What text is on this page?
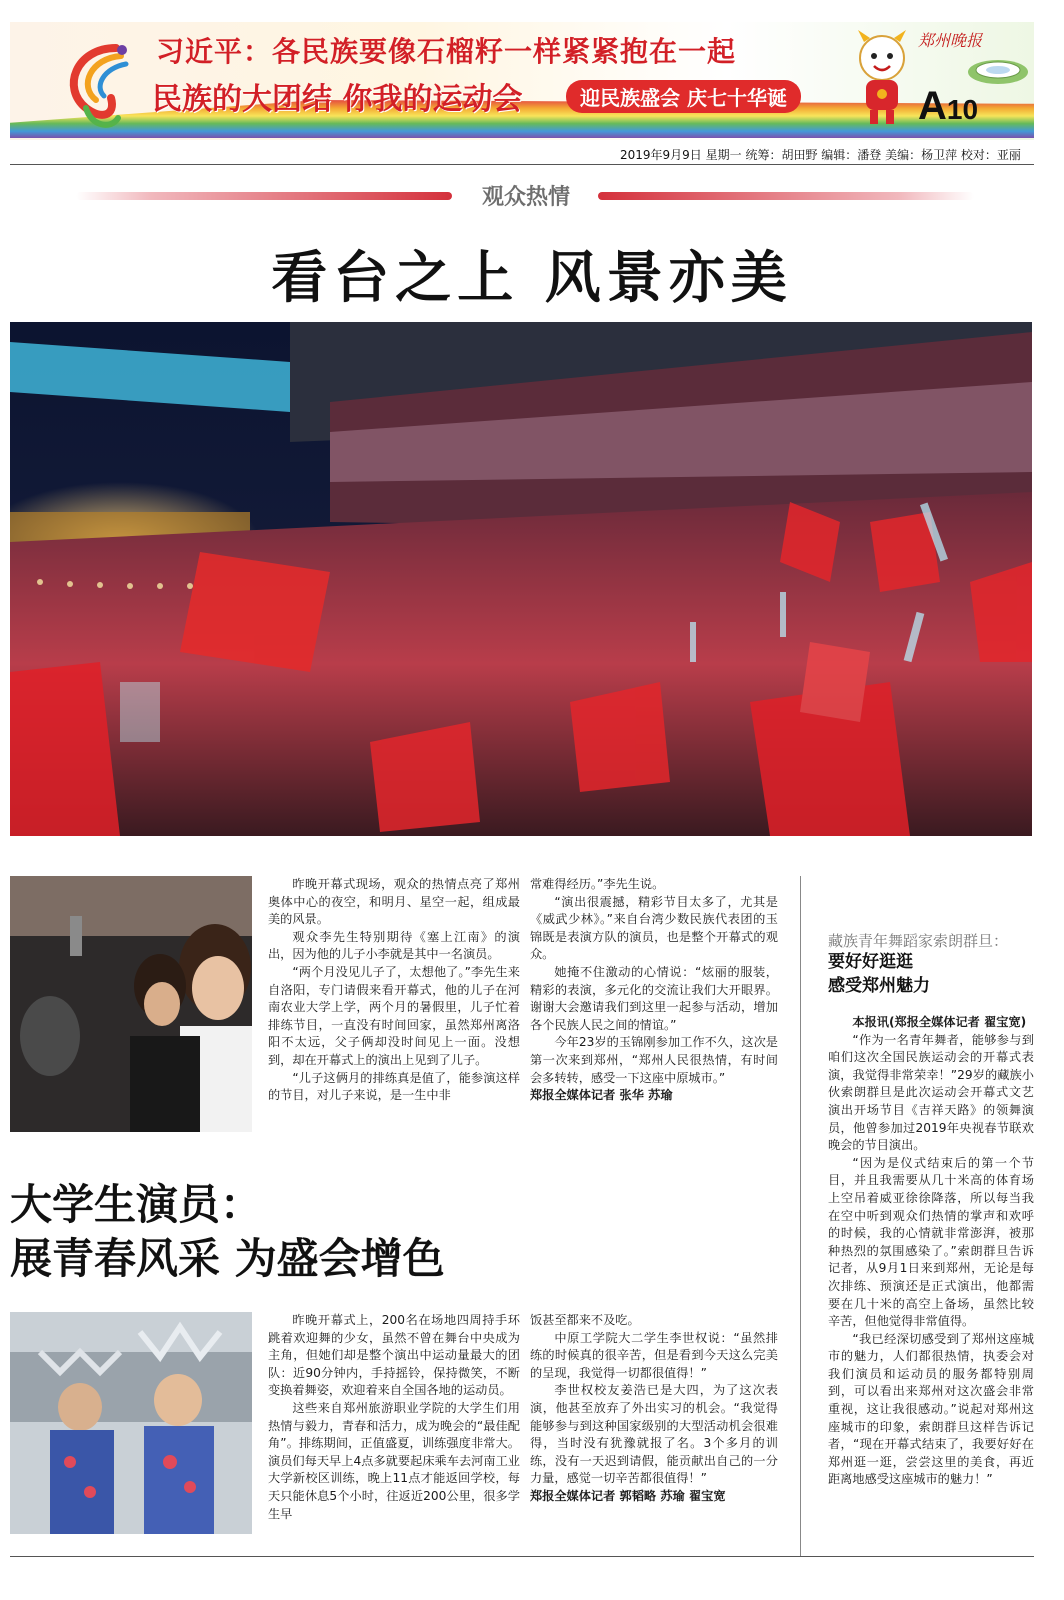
习近平：各民族要像石榴籽一样紧紧抱在一起
民族的大团结 你我的运动会	迎民族盛会 庆七十华诞
郑州晚报
A10
2019年9月9日 星期一 统筹：胡田野 编辑：潘登 美编：杨卫萍 校对：亚丽
观众热情
看台之上 风景亦美

昨晚开幕式现场，观众的热情点亮了郑州奥体中心的夜空，和明月、星空一起，组成最美的风景。

观众李先生特别期待《塞上江南》的演出，因为他的儿子小李就是其中一名演员。

“两个月没见儿子了，太想他了。”李先生来自洛阳，专门请假来看开幕式，他的儿子在河南农业大学上学，两个月的暑假里，儿子忙着排练节目，一直没有时间回家，虽然郑州离洛阳不太远，父子俩却没时间见上一面。没想到，却在开幕式上的演出上见到了儿子。

“儿子这俩月的排练真是值了，能参演这样的节目，对儿子来说，是一生中非

常难得经历。”李先生说。

“演出很震撼，精彩节目太多了，尤其是《威武少林》。”来自台湾少数民族代表团的玉锦既是表演方队的演员，也是整个开幕式的观众。

她掩不住激动的心情说：“炫丽的服装，精彩的表演，多元化的交流让我们大开眼界。谢谢大会邀请我们到这里一起参与活动，增加各个民族人民之间的情谊。”

今年23岁的玉锦刚参加工作不久，这次是第一次来到郑州，“郑州人民很热情，有时间会多转转，感受一下这座中原城市。”

郑报全媒体记者 张华 苏瑜

大学生演员：
展青春风采 为盛会增色

昨晚开幕式上，200名在场地四周持手环跳着欢迎舞的少女，虽然不曾在舞台中央成为主角，但她们却是整个演出中运动量最大的团队：近90分钟内，手持摇铃，保持微笑，不断变换着舞姿，欢迎着来自全国各地的运动员。

这些来自郑州旅游职业学院的大学生们用热情与毅力，青春和活力，成为晚会的“最佳配角”。排练期间，正值盛夏，训练强度非常大。演员们每天早上4点多就要起床乘车去河南工业大学新校区训练，晚上11点才能返回学校，每天只能休息5个小时，往返近200公里，很多学生早

饭甚至都来不及吃。

中原工学院大二学生李世权说：“虽然排练的时候真的很辛苦，但是看到今天这么完美的呈现，我觉得一切都很值得！”

李世权校友姜浩已是大四，为了这次表演，他甚至放弃了外出实习的机会。“我觉得能够参与到这种国家级别的大型活动机会很难得，当时没有犹豫就报了名。3个多月的训练，没有一天迟到请假，能贡献出自己的一分力量，感觉一切辛苦都很值得！”

郑报全媒体记者 郭韬略 苏瑜 翟宝宽

藏族青年舞蹈家索朗群旦：
要好好逛逛
感受郑州魅力

本报讯(郑报全媒体记者 翟宝宽)

“作为一名青年舞者，能够参与到咱们这次全国民族运动会的开幕式表演，我觉得非常荣幸！”29岁的藏族小伙索朗群旦是此次运动会开幕式文艺演出开场节目《吉祥天路》的领舞演员，他曾参加过2019年央视春节联欢晚会的节目演出。

“因为是仪式结束后的第一个节目，并且我需要从几十米高的体育场上空吊着威亚徐徐降落，所以每当我在空中听到观众们热情的掌声和欢呼的时候，我的心情就非常澎湃，被那种热烈的氛围感染了。”索朗群旦告诉记者，从9月1日来到郑州，无论是每次排练、预演还是正式演出，他都需要在几十米的高空上备场，虽然比较辛苦，但他觉得非常值得。

“我已经深切感受到了郑州这座城市的魅力，人们都很热情，执委会对我们演员和运动员的服务都特别周到，可以看出来郑州对这次盛会非常重视，这让我很感动。”说起对郑州这座城市的印象，索朗群旦这样告诉记者，“现在开幕式结束了，我要好好在郑州逛一逛，尝尝这里的美食，再近距离地感受这座城市的魅力！”
